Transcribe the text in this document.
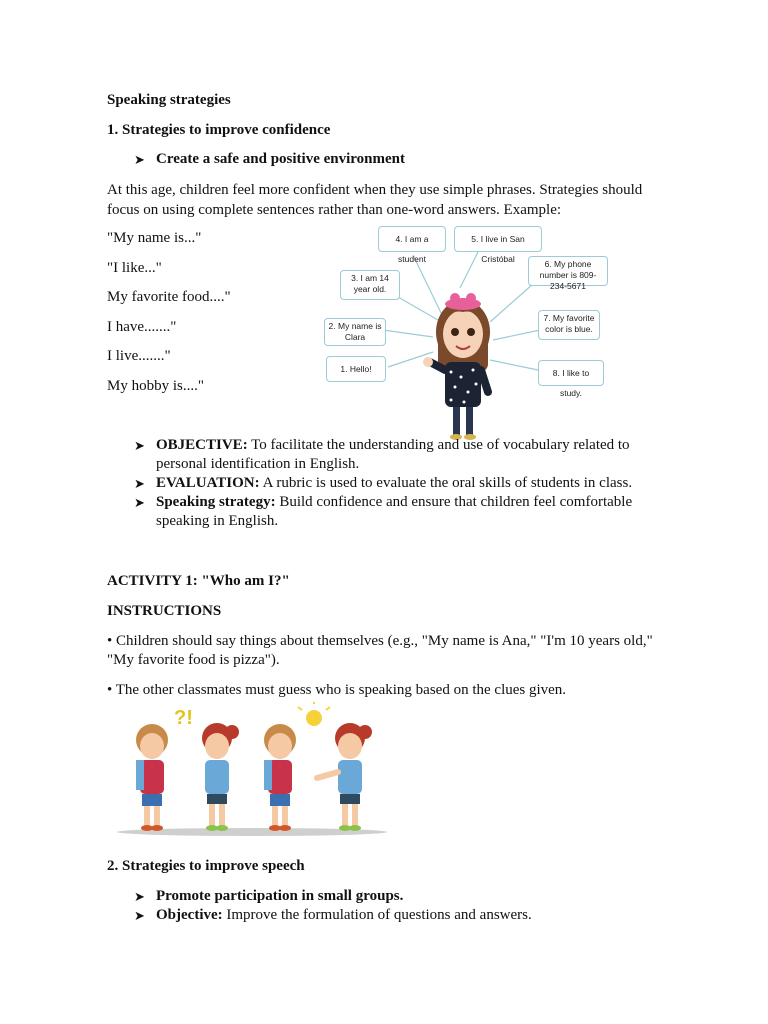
Speaking strategies
1. Strategies to improve confidence
➤ Create a safe and positive environment
At this age, children feel more confident when they use simple phrases. Strategies should focus on using complete sentences rather than one-word answers. Example:
"My name is..."
"I like..."
My favorite food...."
I have......."
I live......."
My hobby is...."
4. I am a student
5. I live in San Cristóbal	6. My phone number is 809-234-5671
3. I am 14 year old.
7. My favorite color is blue.
2. My name is Clara
1. Hello!	8. I like to study.
➤ OBJECTIVE: To facilitate the understanding and use of vocabulary related to personal identification in English.
➤ EVALUATION: A rubric is used to evaluate the oral skills of students in class.
➤ Speaking strategy: Build confidence and ensure that children feel comfortable speaking in English.
ACTIVITY 1: "Who am I?"
INSTRUCTIONS
• Children should say things about themselves (e.g., "My name is Ana," "I'm 10 years old," "My favorite food is pizza").
• The other classmates must guess who is speaking based on the clues given.
?!
2. Strategies to improve speech
➤ Promote participation in small groups.
➤ Objective: Improve the formulation of questions and answers.
